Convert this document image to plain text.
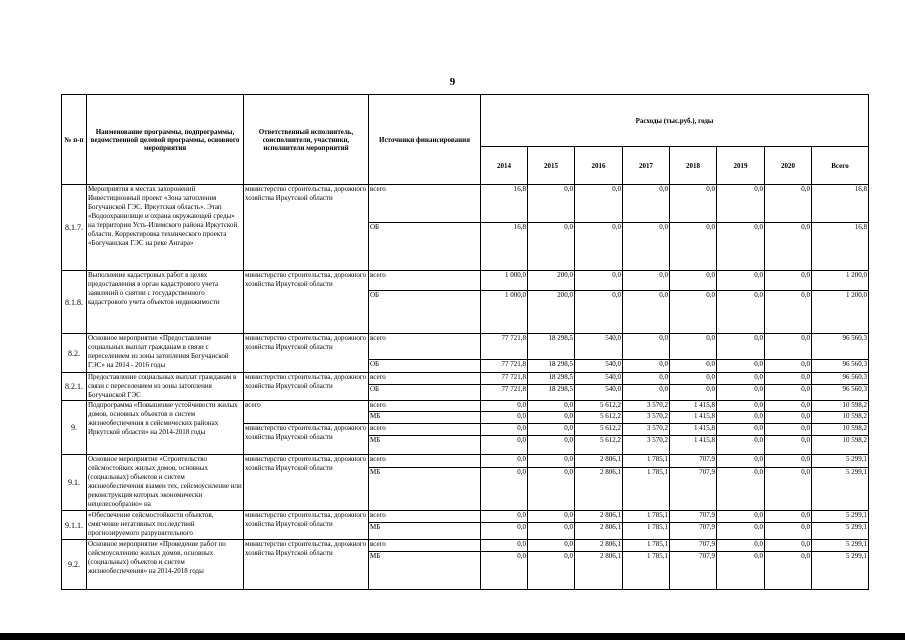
9
№ п-п	Наименование программы, подпрограммы, ведомственной целевой программы, основного мероприятия	Ответственный исполнитель, соисполнители, участники, исполнители мероприятий	Источники финансирования	Расходы (тыс.руб.), годы							
				2014	2015	2016	2017	2018	2019	2020	Всего
8.1.7.	Мероприятия в местах захоронений Инвестиционный проект «Зона затопления Богучанской ГЭС. Иркутская область». Этап «Водоохранилище и охрана окружающей среды» на территории Усть-Илимского района Иркутской области. Корректировка технического проекта «Богучанская ГЭС на реке Ангара»	министерство строительства, дорожного хозяйства Иркутской области	всего	16,8	0,0	0,0	0,0	0,0	0,0	0,0	16,8
			ОБ	16,8	0,0	0,0	0,0	0,0	0,0	0,0	16,8
8.1.8.	Выполнение кадастровых работ в целях предоставления в орган кадастрового учета заявлений о снятии с государственного кадастрового учета объектов недвижимости	министерство строительства, дорожного хозяйства Иркутской области	всего	1 000,0	200,0	0,0	0,0	0,0	0,0	0,0	1 200,0
			ОБ	1 000,0	200,0	0,0	0,0	0,0	0,0	0,0	1 200,0
8.2.	Основное мероприятие «Предоставление социальных выплат гражданам в связи с переселением из зоны затопления Богучанской ГЭС» на 2014 - 2016 годы	министерство строительства, дорожного хозяйства Иркутской области	всего	77 721,8	18 298,5	540,0	0,0	0,0	0,0	0,0	96 560,3
			ОБ	77 721,8	18 298,5	540,0	0,0	0,0	0,0	0,0	96 560,3
8.2.1.	Предоставление социальных выплат гражданам в связи с переселением из зоны затопления Богучанской ГЭС	министерство строительства, дорожного хозяйства Иркутской области	всего	77 721,8	18 298,5	540,0	0,0	0,0	0,0	0,0	96 560,3
			ОБ	77 721,8	18 298,5	540,0	0,0	0,0	0,0	0,0	96 560,3
9.	Подпрограмма «Повышение устойчивости жилых домов, основных объектов и систем жизнеобеспечения в сейсмических районах Иркутской области» на 2014-2018 годы	всего	всего	0,0	0,0	5 612,2	3 570,2	1 415,8	0,0	0,0	10 598,2
			МБ	0,0	0,0	5 612,2	3 570,2	1 415,8	0,0	0,0	10 598,2
		министерство строительства, дорожного хозяйства Иркутской области	всего	0,0	0,0	5 612,2	3 570,2	1 415,8	0,0	0,0	10 598,2
			МБ	0,0	0,0	5 612,2	3 570,2	1 415,8	0,0	0,0	10 598,2
9.1.	Основное мероприятие «Строительство сейсмостойких жилых домов, основных (социальных) объектов и систем жизнеобеспечения взамен тех, сейсмоусиление или реконструкция которых экономически нецелесообразно» на	министерство строительства, дорожного хозяйства Иркутской области	всего	0,0	0,0	2 806,1	1 785,1	707,9	0,0	0,0	5 299,1
			МБ	0,0	0,0	2 806,1	1 785,1	707,9	0,0	0,0	5 299,1
9.1.1.	«Обеспечение сейсмостойкости объектов, смягчение негативных последствий прогнозируемого разрушительного	министерство строительства, дорожного хозяйства Иркутской области	всего	0,0	0,0	2 806,1	1 785,1	707,9	0,0	0,0	5 299,1
			МБ	0,0	0,0	2 806,1	1 785,1	707,9	0,0	0,0	5 299,1
9.2.	Основное мероприятие «Проведение работ по сейсмоусилению жилых домов, основных (социальных) объектов и систем жизнеобеспечения» на 2014-2018 годы	министерство строительства, дорожного хозяйства Иркутской области	всего	0,0	0,0	2 806,1	1 785,1	707,9	0,0	0,0	5 299,1
			МБ	0,0	0,0	2 806,1	1 785,1	707,9	0,0	0,0	5 299,1
